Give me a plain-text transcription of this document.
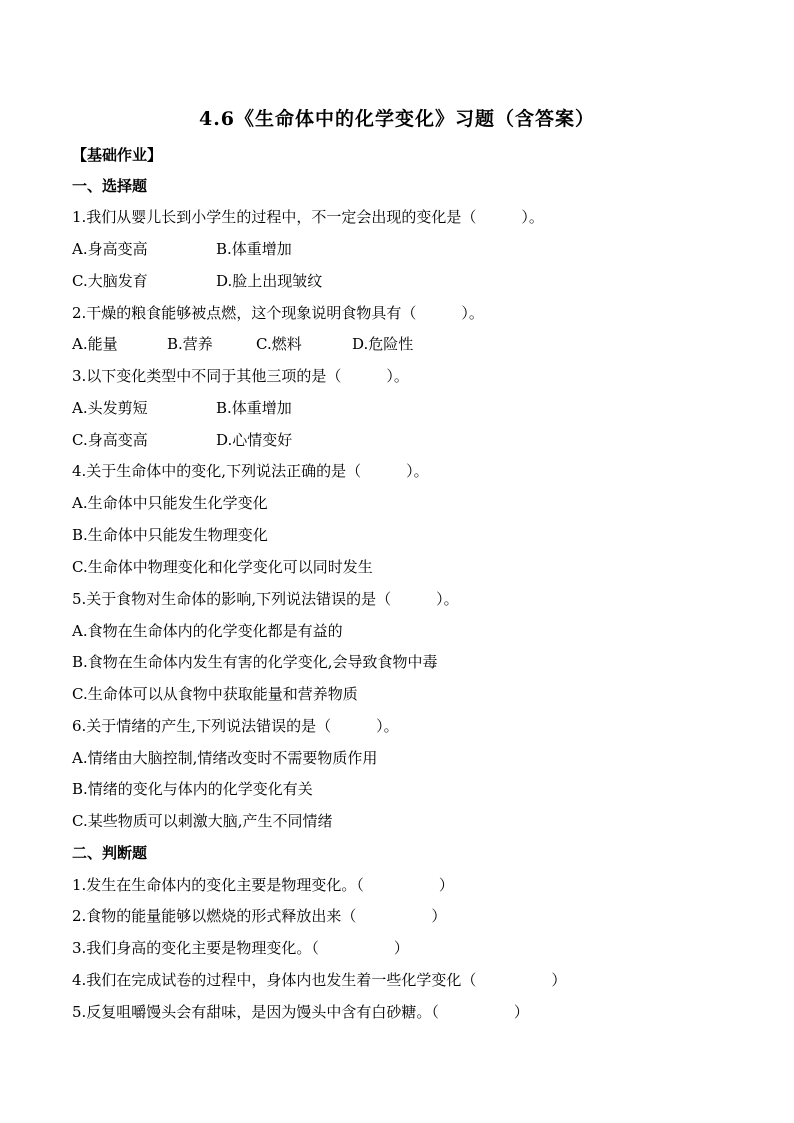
4.6《生命体中的化学变化》习题（含答案）
【基础作业】
一、选择题
1.我们从婴儿长到小学生的过程中，不一定会出现的变化是（　　　）。
A.身高变高	B.体重增加
C.大脑发育	D.脸上出现皱纹
2.干燥的粮食能够被点燃，这个现象说明食物具有（　　　）。
A.能量	B.营养	C.燃料	D.危险性
3.以下变化类型中不同于其他三项的是（　　　）。
A.头发剪短	B.体重增加
C.身高变高	D.心情变好
4.关于生命体中的变化,下列说法正确的是（　　　）。
A.生命体中只能发生化学变化
B.生命体中只能发生物理变化
C.生命体中物理变化和化学变化可以同时发生
5.关于食物对生命体的影响,下列说法错误的是（　　　）。
A.食物在生命体内的化学变化都是有益的
B.食物在生命体内发生有害的化学变化,会导致食物中毒
C.生命体可以从食物中获取能量和营养物质
6.关于情绪的产生,下列说法错误的是（　　　）。
A.情绪由大脑控制,情绪改变时不需要物质作用
B.情绪的变化与体内的化学变化有关
C.某些物质可以刺激大脑,产生不同情绪
二、判断题
1.发生在生命体内的变化主要是物理变化。（　　　　　）
2.食物的能量能够以燃烧的形式释放出来（　　　　　）
3.我们身高的变化主要是物理变化。（　　　　　）
4.我们在完成试卷的过程中，身体内也发生着一些化学变化（　　　　　）
5.反复咀嚼馒头会有甜味，是因为馒头中含有白砂糖。（　　　　　）
